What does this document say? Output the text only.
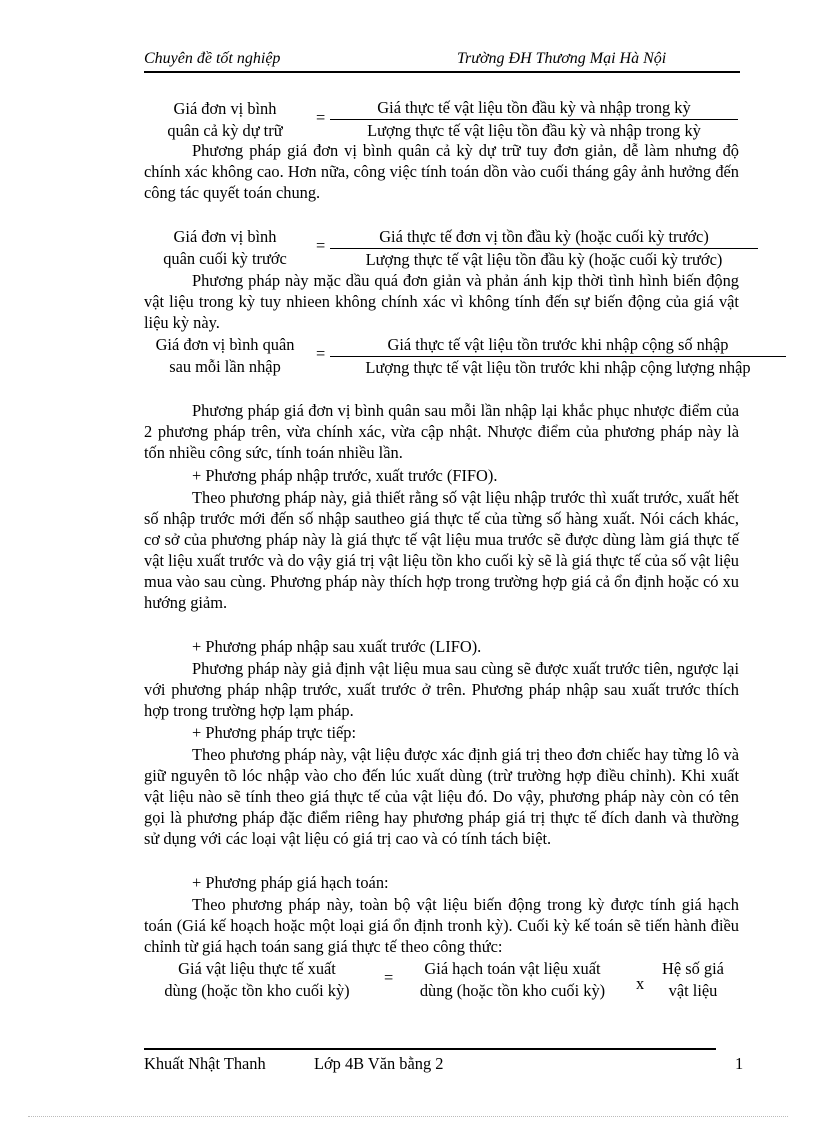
Chuyên đề tốt nghiệp	Trường ĐH Thương Mại Hà Nội
Giá đơn vị bình
quân cả kỳ dự trữ
=
Giá thực tế vật liệu tồn đầu kỳ và nhập trong kỳ
Lượng thực tế vật liệu tồn đầu kỳ và nhập trong kỳ
Phương pháp giá đơn vị bình quân cả kỳ dự trữ tuy đơn giản, dễ làm nhưng độ chính xác không cao. Hơn nữa, công việc tính toán dồn vào cuối tháng gây ảnh hưởng đến công tác quyết toán chung.
Giá đơn vị bình
quân cuối kỳ trước
=	Giá thực tế đơn vị tồn đầu kỳ (hoặc cuối kỳ trước)
Lượng thực tế vật liệu tồn đầu kỳ (hoặc cuối kỳ trước)
Phương pháp này mặc dầu quá đơn giản và phản ánh kịp thời tình hình biến động vật liệu trong kỳ tuy nhieen không chính xác vì không tính đến sự biến động của giá vật liệu kỳ này.
Giá đơn vị bình quân
sau mỗi lần nhập
=	Giá thực tế vật liệu tồn trước khi nhập cộng số nhập
Lượng thực tế vật liệu tồn trước khi nhập cộng lượng nhập
Phương pháp giá đơn vị bình quân sau mỗi lần nhập lại khắc phục nhược điểm của 2 phương pháp trên, vừa chính xác, vừa cập nhật. Nhược điểm của phương pháp này là tốn nhiều công sức, tính toán nhiều lần.
+ Phương pháp nhập trước, xuất trước (FIFO).
Theo phương pháp này, giả thiết rằng số vật liệu nhập trước thì xuất trước, xuất hết số nhập trước mới đến số nhập sautheo giá thực tế của từng số hàng xuất. Nói cách khác, cơ sở của phương pháp này là giá thực tế vật liệu mua trước sẽ được dùng làm giá thực tế vật liệu xuất trước và do vậy giá trị vật liệu tồn kho cuối kỳ sẽ là giá thực tế của số vật liệu mua vào sau cùng. Phương pháp này thích hợp trong trường hợp giá cả ổn định hoặc có xu hướng giảm.
+ Phương pháp nhập sau xuất trước (LIFO).
Phương pháp này giả định vật liệu mua sau cùng sẽ được xuất trước tiên, ngược lại với phương pháp nhập trước, xuất trước ở trên. Phương pháp nhập sau xuất trước thích hợp trong trường hợp lạm pháp.
+ Phương pháp trực tiếp:
Theo phương pháp này, vật liệu được xác định giá trị theo đơn chiếc hay từng lô và giữ nguyên tõ lóc nhập vào cho đến lúc xuất dùng (trừ trường hợp điều chỉnh). Khi xuất vật liệu nào sẽ tính theo giá thực tế của vật liệu đó. Do vậy, phương pháp này còn có tên gọi là phương pháp đặc điểm riêng hay phương pháp giá trị thực tế đích danh và thường sử dụng với các loại vật liệu có giá trị cao và có tính tách biệt.
+ Phương pháp giá hạch toán:
Theo phương pháp này, toàn bộ vật liệu biến động trong kỳ được tính giá hạch toán (Giá kế hoạch hoặc một loại giá ổn định tronh kỳ). Cuối kỳ kế toán sẽ tiến hành điều chỉnh từ giá hạch toán sang giá thực tế theo công thức:
Giá vật liệu thực tế xuất
dùng (hoặc tồn kho cuối kỳ)
=	Giá hạch toán vật liệu xuất
dùng (hoặc tồn kho cuối kỳ)	x
Hệ số giá
vật liệu
Khuất Nhật Thanh	Lớp 4B Văn bằng 2	1
